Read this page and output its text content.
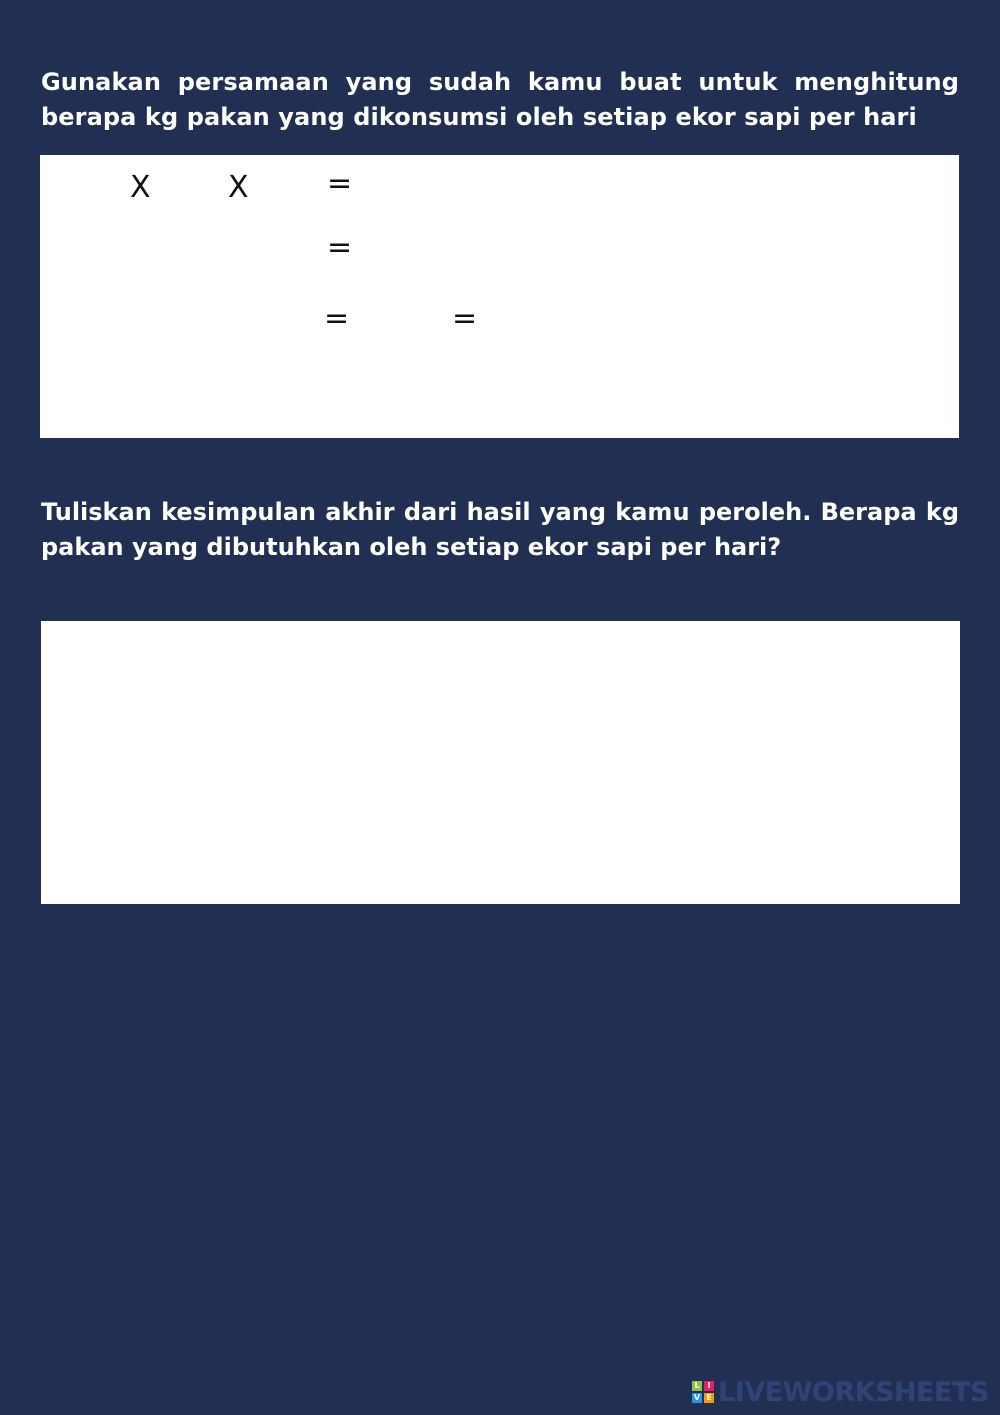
Gunakan persamaan yang sudah kamu buat untuk menghitung berapa kg pakan yang dikonsumsi oleh setiap ekor sapi per hari

X	X	=
=
=	=

Tuliskan kesimpulan akhir dari hasil yang kamu peroleh. Berapa kg pakan yang dibutuhkan oleh setiap ekor sapi per hari?

L I
V E LIVEWORKSHEETS
